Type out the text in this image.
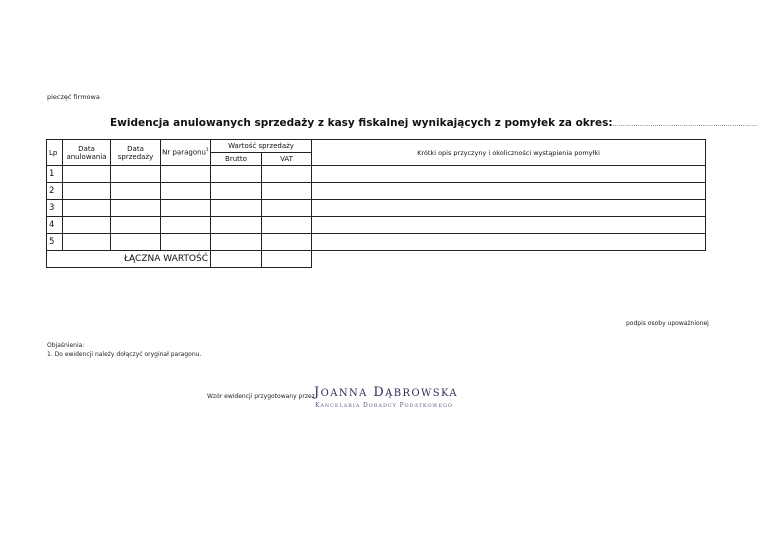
pieczęć firmowa
Ewidencja anulowanych sprzedaży z kasy fiskalnej wynikających z pomyłek za okres:……………………………………………………………
Lp	Data anulowania	Data sprzedaży	Nr paragonu$^1$	Wartość sprzedaży		Krótki opis przyczyny i okoliczności wystąpienia pomyłki
				Brutto	VAT	
1						
2						
3						
4						
5						
ŁĄCZNA WARTOŚĆ						
podpis osoby upoważnionej
Objaśnienia:
1. Do ewidencji należy dołączyć oryginał paragonu.
Wzór ewidencji przygotowany przez JOANNA DĄBROWSKA
KANCELARIA DORADCY PODATKOWEGO
